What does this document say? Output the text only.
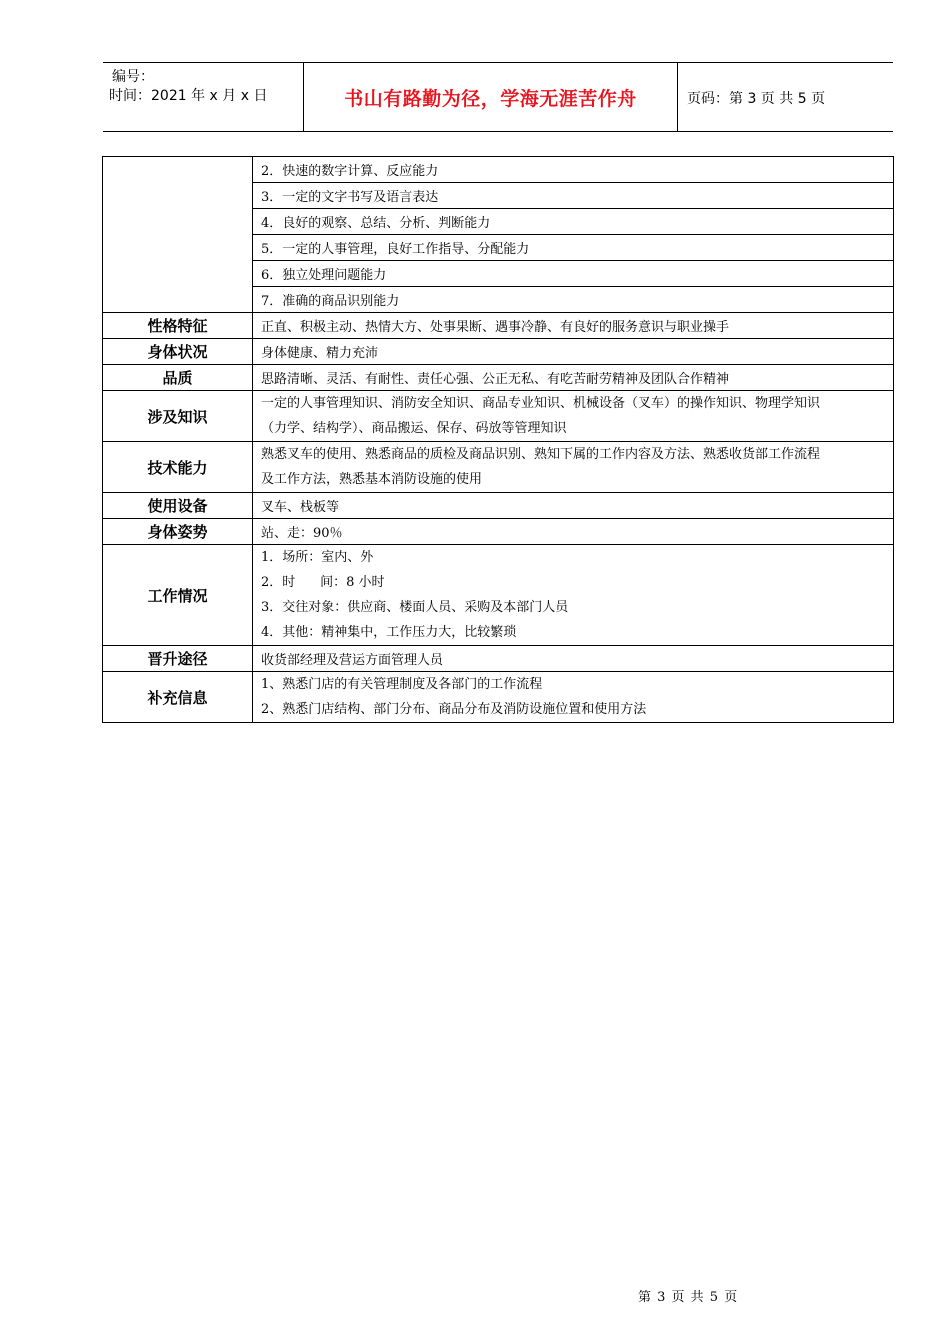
编号：
时间：2021 年 x 月 x 日	书山有路勤为径，学海无涯苦作舟	页码：第 3 页 共 5 页
	2．快速的数字计算、反应能力
	3．一定的文字书写及语言表达
	4．良好的观察、总结、分析、判断能力
	5．一定的人事管理，良好工作指导、分配能力
	6．独立处理问题能力
	7．准确的商品识别能力
性格特征	正直、积极主动、热情大方、处事果断、遇事冷静、有良好的服务意识与职业操手
身体状况	身体健康、精力充沛
品质	思路清晰、灵活、有耐性、责任心强、公正无私、有吃苦耐劳精神及团队合作精神
涉及知识	一定的人事管理知识、消防安全知识、商品专业知识、机械设备（叉车）的操作知识、物理学知识
（力学、结构学）、商品搬运、保存、码放等管理知识

技术能力	熟悉叉车的使用、熟悉商品的质检及商品识别、熟知下属的工作内容及方法、熟悉收货部工作流程
及工作方法，熟悉基本消防设施的使用

使用设备	叉车、栈板等
身体姿势	站、走：90％
工作情况	1．场所：室内、外
2．时      间：8 小时
3．交往对象：供应商、楼面人员、采购及本部门人员
4．其他：精神集中，工作压力大，比较繁琐

晋升途径	收货部经理及营运方面管理人员
补充信息	1、熟悉门店的有关管理制度及各部门的工作流程
2、熟悉门店结构、部门分布、商品分布及消防设施位置和使用方法
第 3 页 共 5 页
